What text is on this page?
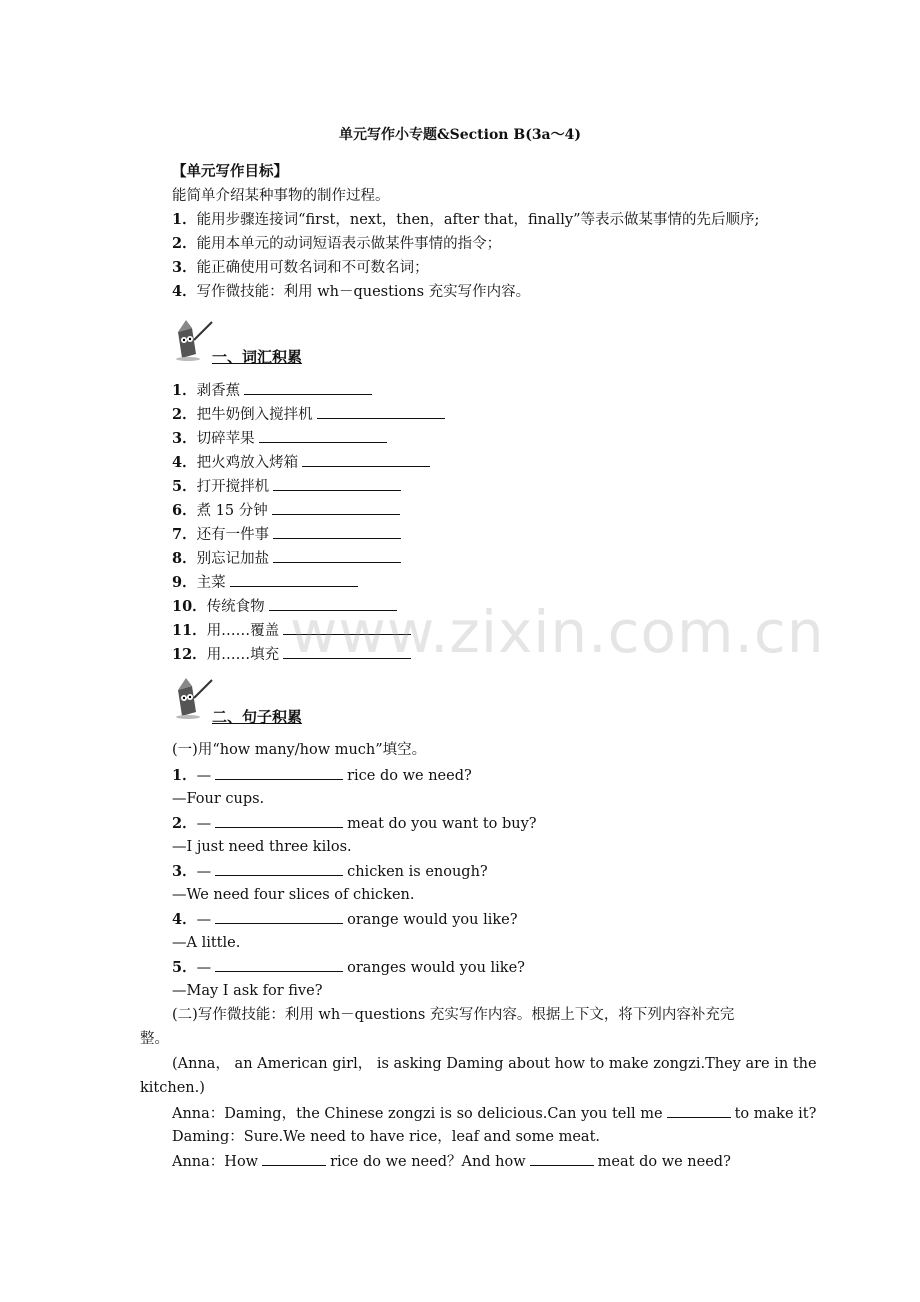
单元写作小专题&Section B(3a～4)
【单元写作目标】
能简单介绍某种事物的制作过程。
1．能用步骤连接词“first，next，then，after that，finally”等表示做某事情的先后顺序;
2．能用本单元的动词短语表示做某件事情的指令；
3．能正确使用可数名词和不可数名词；
4．写作微技能：利用 wh－questions 充实写作内容。
一、词汇积累
1．剥香蕉
2．把牛奶倒入搅拌机
3．切碎苹果
4．把火鸡放入烤箱
5．打开搅拌机
6．煮 15 分钟
7．还有一件事
8．别忘记加盐
9．主菜
10．传统食物
11．用……覆盖
12．用……填充 www.zixin.com.cn
二、句子积累
(一)用“how many/how much”填空。
1．—	rice do we need?
—Four cups.
2．—	meat do you want to buy?
—I just need three kilos.
3．—	chicken is enough?
—We need four slices of chicken.
4．—	orange would you like?
—A little.
5．—	oranges would you like?
—May I ask for five?
(二)写作微技能：利用 wh－questions 充实写作内容。根据上下文，将下列内容补充完
整。
(Anna， an American girl， is asking Daming about how to make zongzi.They are in the
kitchen.)
Anna：Daming，the Chinese zongzi is so delicious.Can you tell me	to make it?
Daming：Sure.We need to have rice，leaf and some meat.
Anna：How	rice do we need？And how	meat do we need?
